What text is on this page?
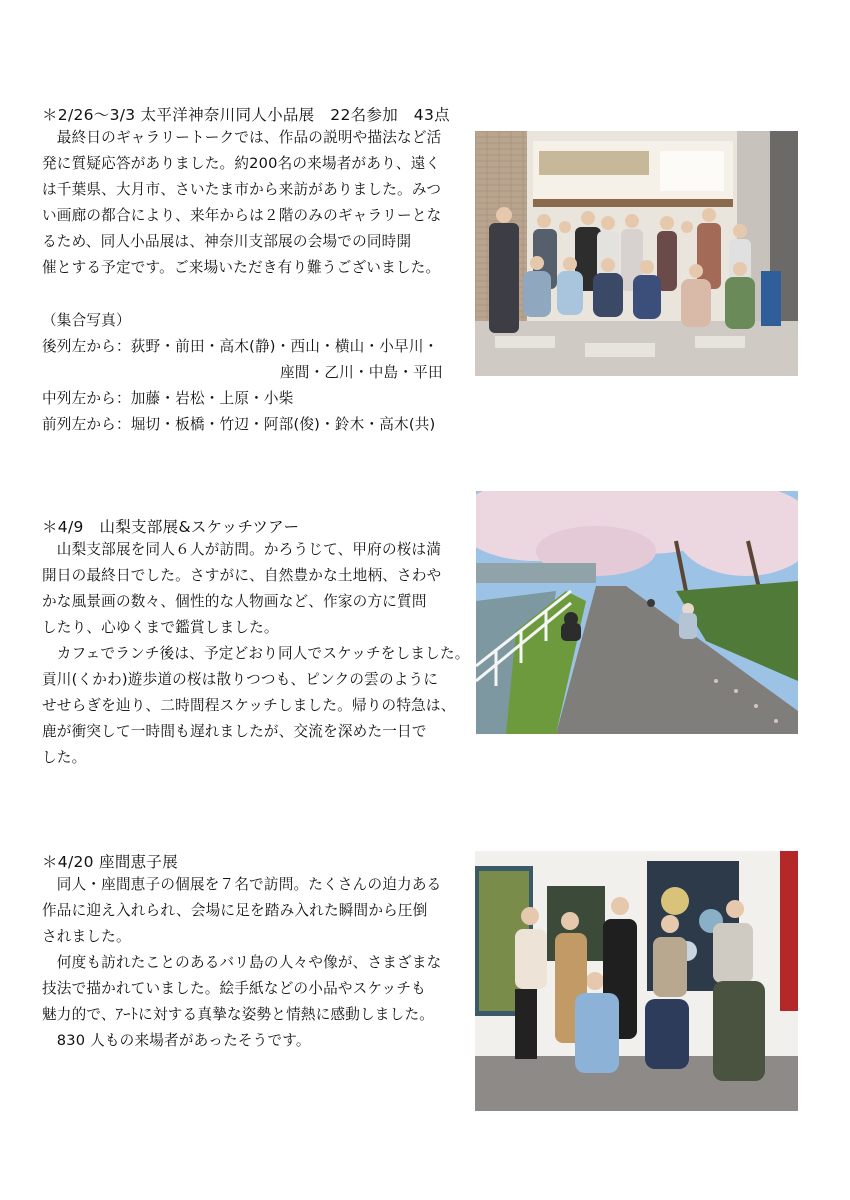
＊2/26～3/3 太平洋神奈川同人小品展　22名参加　43点

　最終日のギャラリートークでは、作品の説明や描法など活

発に質疑応答がありました。約200名の来場者があり、遠く

は千葉県、大月市、さいたま市から来訪がありました。みつ

い画廊の都合により、来年からは２階のみのギャラリーとな

るため、同人小品展は、神奈川支部展の会場での同時開

催とする予定です。ご来場いただき有り難うございました。

（集合写真）

後列左から：荻野・前田・高木(静)・西山・横山・小早川・

座間・乙川・中島・平田

中列左から：加藤・岩松・上原・小柴

前列左から：堀切・板橋・竹辺・阿部(俊)・鈴木・高木(共)

＊4/9　山梨支部展&スケッチツアー

　山梨支部展を同人６人が訪問。かろうじて、甲府の桜は満

開日の最終日でした。さすがに、自然豊かな土地柄、さわや

かな風景画の数々、個性的な人物画など、作家の方に質問

したり、心ゆくまで鑑賞しました。

　カフェでランチ後は、予定どおり同人でスケッチをしました。

貢川(くかわ)遊歩道の桜は散りつつも、ピンクの雲のように

せせらぎを辿り、二時間程スケッチしました。帰りの特急は、

鹿が衝突して一時間も遅れましたが、交流を深めた一日で

した。

＊4/20 座間恵子展

　同人・座間恵子の個展を７名で訪問。たくさんの迫力ある

作品に迎え入れられ、会場に足を踏み入れた瞬間から圧倒

されました。

　何度も訪れたことのあるバリ島の人々や像が、さまざまな

技法で描かれていました。絵手紙などの小品やスケッチも

魅力的で、ｱｰﾄに対する真摯な姿勢と情熱に感動しました。

　830 人もの来場者があったそうです。
